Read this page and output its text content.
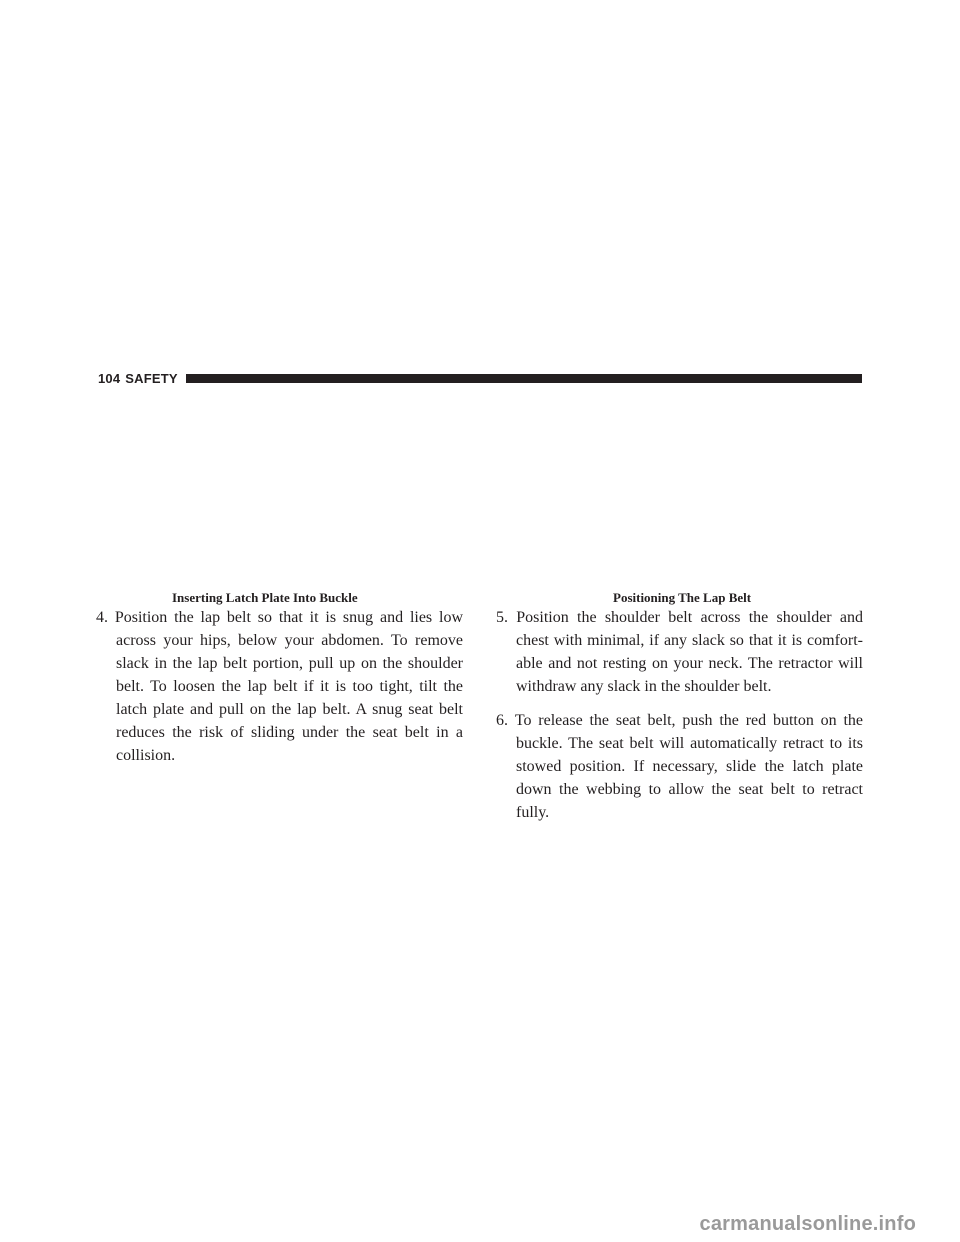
104 SAFETY
Inserting Latch Plate Into Buckle	Positioning The Lap Belt

4. Position the lap belt so that it is snug and lies low across your hips, below your abdomen. To remove slack in the lap belt portion, pull up on the shoulder belt. To loosen the lap belt if it is too tight, tilt the latch plate and pull on the lap belt. A snug seat belt reduces the risk of sliding under the seat belt in a collision.

5. Position the shoulder belt across the shoulder and chest with minimal, if any slack so that it is comfort-able and not resting on your neck. The retractor will withdraw any slack in the shoulder belt.

6. To release the seat belt, push the red button on the buckle. The seat belt will automatically retract to its stowed position. If necessary, slide the latch plate down the webbing to allow the seat belt to retract fully.

carmanualsonline.info
